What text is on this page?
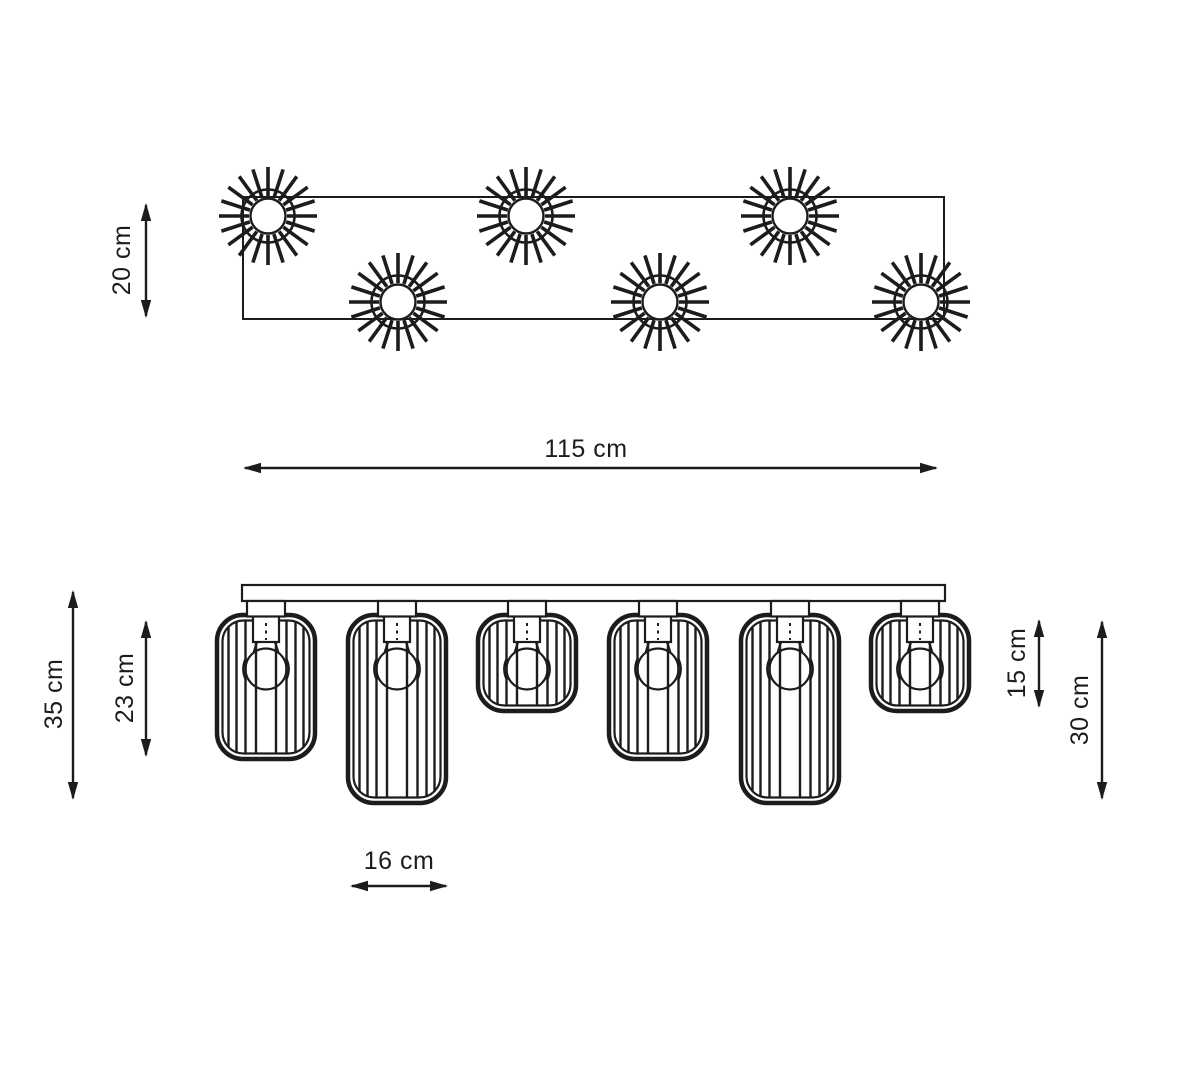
20 cm
115 cm
35 cm 23 cm	15 cm
30 cm
16 cm
